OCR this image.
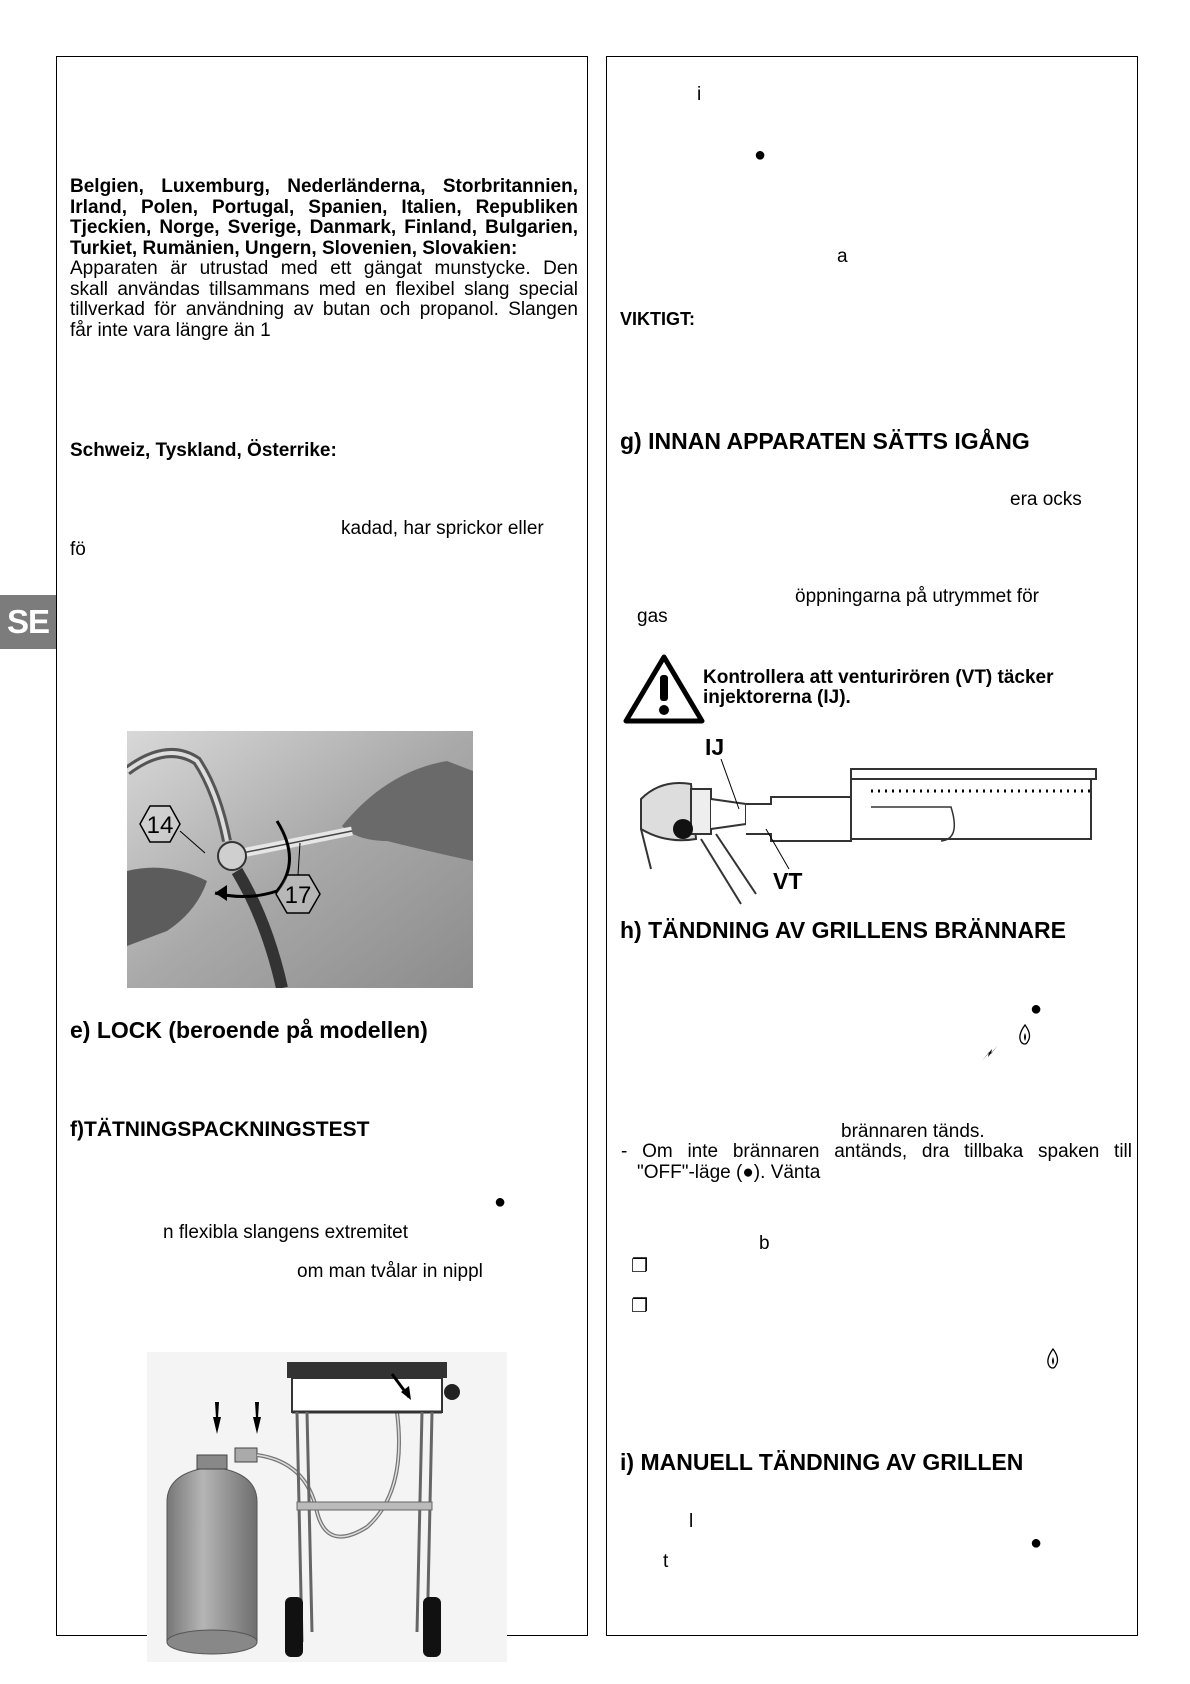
SE
Belgien, Luxemburg, Nederländerna, Storbritannien,
Irland, Polen, Portugal, Spanien, Italien, Republiken
Tjeckien, Norge, Sverige, Danmark, Finland, Bulgarien,
Turkiet, Rumänien, Ungern, Slovenien, Slovakien:
Apparaten är utrustad med ett gängat munstycke. Den
skall användas tillsammans med en flexibel slang special
tillverkad för användning av butan och propanol. Slangen
får inte vara längre än 1
Schweiz, Tyskland, Österrike:
kadad, har sprickor eller
fö
14
17
e) LOCK (beroende på modellen)
f)TÄTNINGSPACKNINGSTEST
●
n flexibla slangens extremitet
om man tvålar in nippl
i
●
a
VIKTIGT:
g) INNAN APPARATEN SÄTTS IGÅNG
era ocks
öppningarna på utrymmet för
gas
Kontrollera att venturirören (VT) täcker
injektorerna (IJ).
IJ
VT
h) TÄNDNING AV GRILLENS BRÄNNARE
●
brännaren tänds.
- Om inte brännaren antänds, dra tillbaka spaken till
"OFF"-läge (●). Vänta
b
❐
❐
i) MANUELL TÄNDNING AV GRILLEN
l
●
t
